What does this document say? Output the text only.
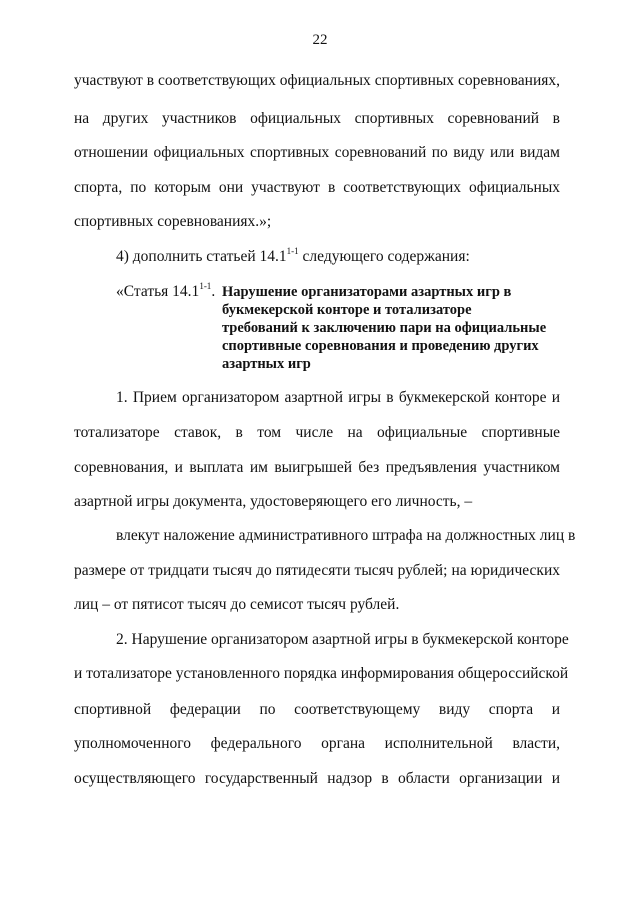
22
участвуют в соответствующих официальных спортивных соревнованиях,
на других участников официальных спортивных соревнований в
отношении официальных спортивных соревнований по виду или видам
спорта, по которым они участвуют в соответствующих официальных
спортивных соревнованиях.»;
4) дополнить статьей 14.1$^{1-1}$ следующего содержания:
«Статья 14.1$^{1-1}$. Нарушение организаторами азартных игр в
букмекерской конторе и тотализаторе
требований к заключению пари на официальные
спортивные соревнования и проведению других
азартных игр
1. Прием организатором азартной игры в букмекерской конторе и
тотализаторе ставок, в том числе на официальные спортивные
соревнования, и выплата им выигрышей без предъявления участником
азартной игры документа, удостоверяющего его личность, –
влекут наложение административного штрафа на должностных лиц в
размере от тридцати тысяч до пятидесяти тысяч рублей; на юридических
лиц – от пятисот тысяч до семисот тысяч рублей.
2. Нарушение организатором азартной игры в букмекерской конторе
и тотализаторе установленного порядка информирования общероссийской
спортивной федерации по соответствующему виду спорта и
уполномоченного федерального органа исполнительной власти,
осуществляющего государственный надзор в области организации и
